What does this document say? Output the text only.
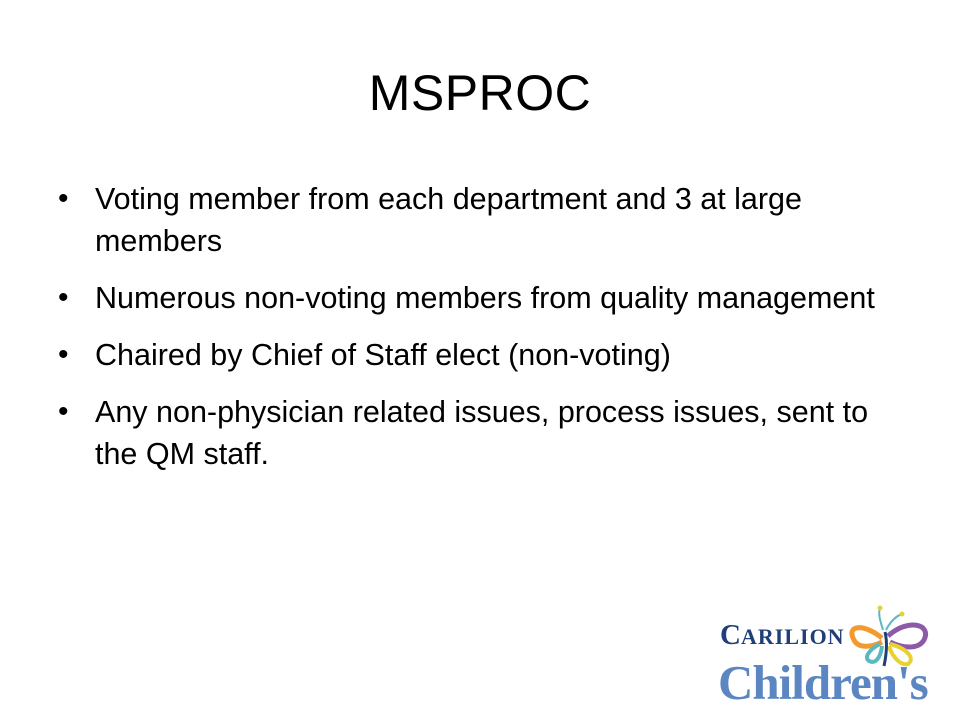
MSPROC
• Voting member from each department and 3 at large members
• Numerous non-voting members from quality management
• Chaired by Chief of Staff elect (non-voting)
• Any non-physician related issues, process issues, sent to the QM staff.
C ARILION
Children's
